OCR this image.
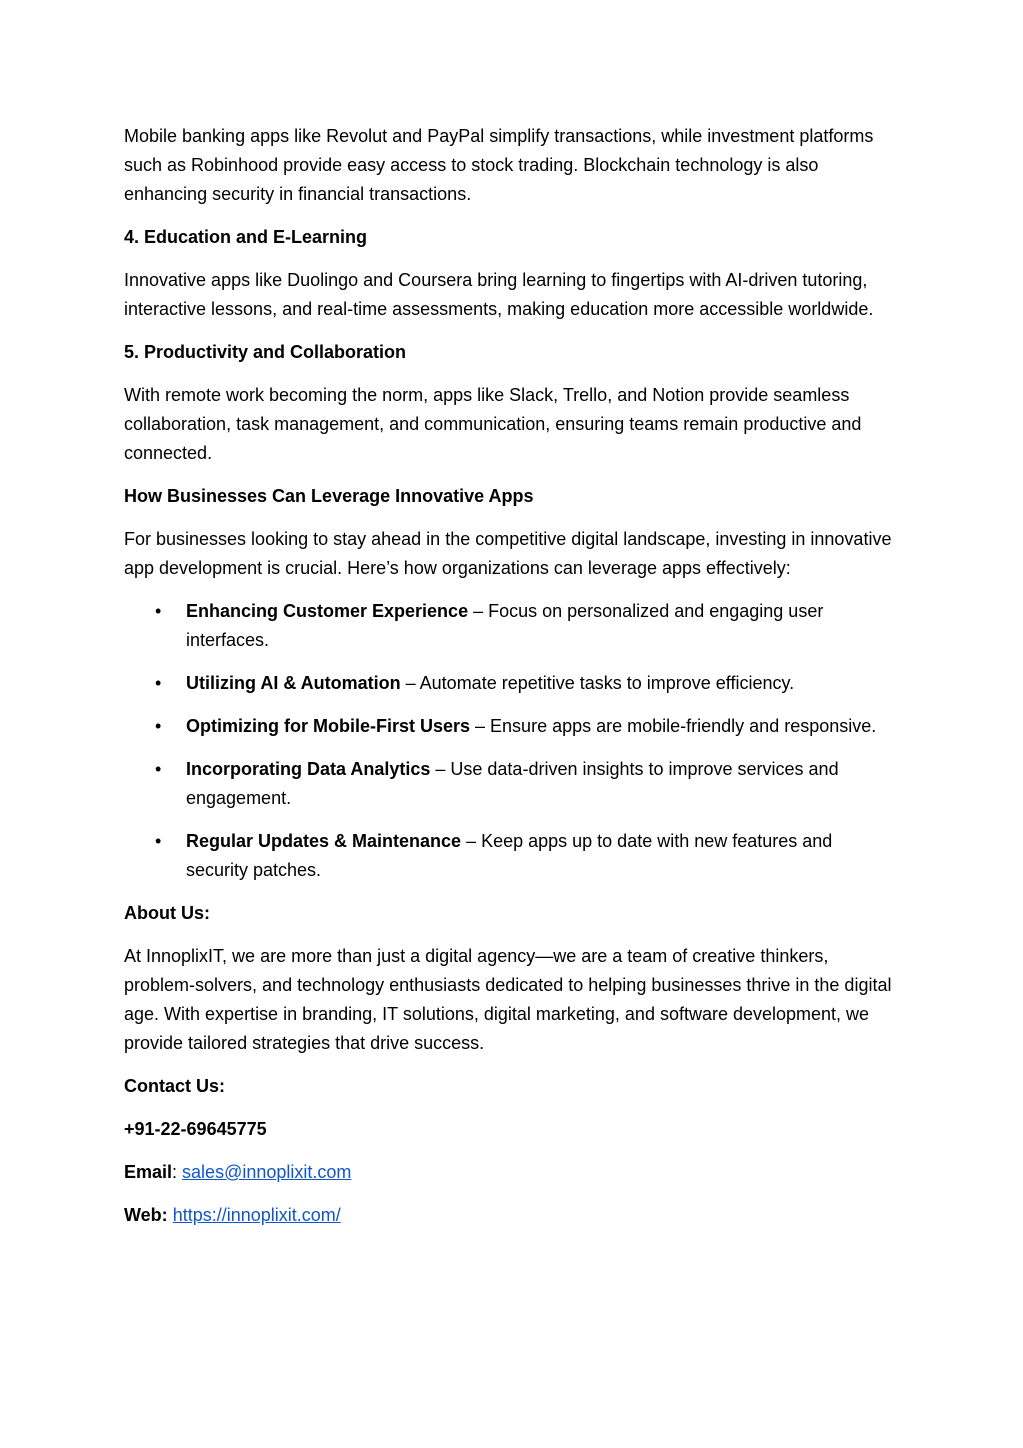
Mobile banking apps like Revolut and PayPal simplify transactions, while investment platforms such as Robinhood provide easy access to stock trading. Blockchain technology is also enhancing security in financial transactions.

4. Education and E-Learning

Innovative apps like Duolingo and Coursera bring learning to fingertips with AI-driven tutoring, interactive lessons, and real-time assessments, making education more accessible worldwide.

5. Productivity and Collaboration

With remote work becoming the norm, apps like Slack, Trello, and Notion provide seamless collaboration, task management, and communication, ensuring teams remain productive and connected.

How Businesses Can Leverage Innovative Apps

For businesses looking to stay ahead in the competitive digital landscape, investing in innovative app development is crucial. Here’s how organizations can leverage apps effectively:

• Enhancing Customer Experience – Focus on personalized and engaging user interfaces.
• Utilizing AI & Automation – Automate repetitive tasks to improve efficiency.
• Optimizing for Mobile-First Users – Ensure apps are mobile-friendly and responsive.
• Incorporating Data Analytics – Use data-driven insights to improve services and engagement.
• Regular Updates & Maintenance – Keep apps up to date with new features and security patches.

About Us:

At InnoplixIT, we are more than just a digital agency—we are a team of creative thinkers, problem-solvers, and technology enthusiasts dedicated to helping businesses thrive in the digital age. With expertise in branding, IT solutions, digital marketing, and software development, we provide tailored strategies that drive success.

Contact Us:

+91-22-69645775

Email: sales@innoplixit.com

Web: https://innoplixit.com/
